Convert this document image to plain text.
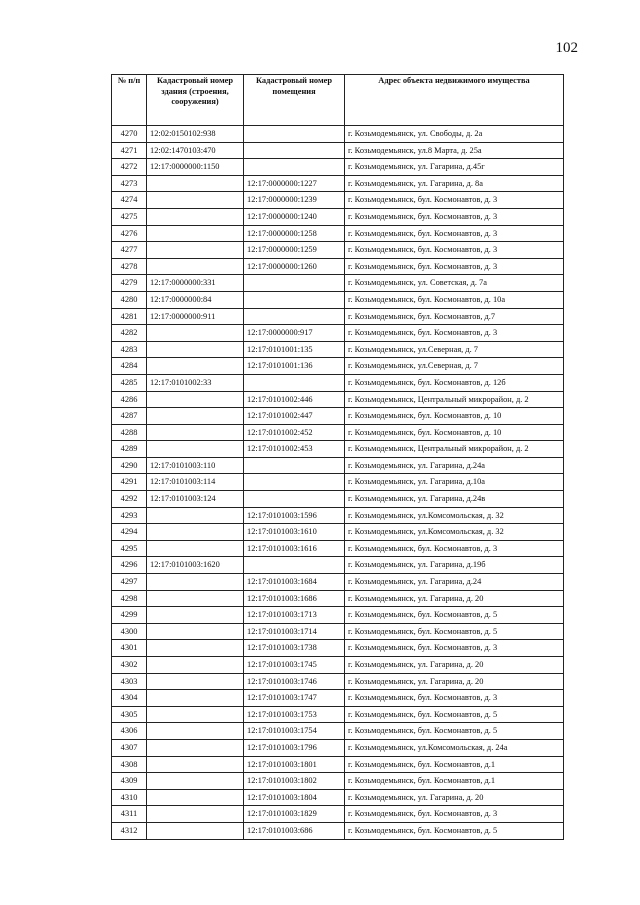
102
№ п/п	Кадастровый номер здания (строения, сооружения)	Кадастровый номер помещения	Адрес объекта недвижимого имущества
4270	12:02:0150102:938		г. Козьмодемьянск, ул. Свободы, д. 2а
4271	12:02:1470103:470		г. Козьмодемьянск, ул.8 Марта, д. 25а
4272	12:17:0000000:1150		г. Козьмодемьянск, ул. Гагарина, д.45г
4273		12:17:0000000:1227	г. Козьмодемьянск, ул. Гагарина, д. 8а
4274		12:17:0000000:1239	г. Козьмодемьянск, бул. Космонавтов, д. 3
4275		12:17:0000000:1240	г. Козьмодемьянск, бул. Космонавтов, д. 3
4276		12:17:0000000:1258	г. Козьмодемьянск, бул. Космонавтов, д. 3
4277		12:17:0000000:1259	г. Козьмодемьянск, бул. Космонавтов, д. 3
4278		12:17:0000000:1260	г. Козьмодемьянск, бул. Космонавтов, д. 3
4279	12:17:0000000:331		г. Козьмодемьянск, ул. Советская, д. 7а
4280	12:17:0000000:84		г. Козьмодемьянск, бул. Космонавтов, д. 10а
4281	12:17:0000000:911		г. Козьмодемьянск, бул. Космонавтов, д.7
4282		12:17:0000000:917	г. Козьмодемьянск, бул. Космонавтов, д. 3
4283		12:17:0101001:135	г. Козьмодемьянск, ул.Северная, д. 7
4284		12:17:0101001:136	г. Козьмодемьянск, ул.Северная, д. 7
4285	12:17:0101002:33		г. Козьмодемьянск, бул. Космонавтов, д. 12б
4286		12:17:0101002:446	г. Козьмодемьянск, Центральный микрорайон, д. 2
4287		12:17:0101002:447	г. Козьмодемьянск, бул. Космонавтов, д. 10
4288		12:17:0101002:452	г. Козьмодемьянск, бул. Космонавтов, д. 10
4289		12:17:0101002:453	г. Козьмодемьянск, Центральный микрорайон, д. 2
4290	12:17:0101003:110		г. Козьмодемьянск, ул. Гагарина, д.24а
4291	12:17:0101003:114		г. Козьмодемьянск, ул. Гагарина, д.10а
4292	12:17:0101003:124		г. Козьмодемьянск, ул. Гагарина, д.24в
4293		12:17:0101003:1596	г. Козьмодемьянск, ул.Комсомольская, д. 32
4294		12:17:0101003:1610	г. Козьмодемьянск, ул.Комсомольская, д. 32
4295		12:17:0101003:1616	г. Козьмодемьянск, бул. Космонавтов, д. 3
4296	12:17:0101003:1620		г. Козьмодемьянск, ул. Гагарина, д.19б
4297		12:17:0101003:1684	г. Козьмодемьянск, ул. Гагарина, д.24
4298		12:17:0101003:1686	г. Козьмодемьянск, ул. Гагарина, д. 20
4299		12:17:0101003:1713	г. Козьмодемьянск, бул. Космонавтов, д. 5
4300		12:17:0101003:1714	г. Козьмодемьянск, бул. Космонавтов, д. 5
4301		12:17:0101003:1738	г. Козьмодемьянск, бул. Космонавтов, д. 3
4302		12:17:0101003:1745	г. Козьмодемьянск, ул. Гагарина, д. 20
4303		12:17:0101003:1746	г. Козьмодемьянск, ул. Гагарина, д. 20
4304		12:17:0101003:1747	г. Козьмодемьянск, бул. Космонавтов, д. 3
4305		12:17:0101003:1753	г. Козьмодемьянск, бул. Космонавтов, д. 5
4306		12:17:0101003:1754	г. Козьмодемьянск, бул. Космонавтов, д. 5
4307		12:17:0101003:1796	г. Козьмодемьянск, ул.Комсомольская, д. 24а
4308		12:17:0101003:1801	г. Козьмодемьянск, бул. Космонавтов, д.1
4309		12:17:0101003:1802	г. Козьмодемьянск, бул. Космонавтов, д.1
4310		12:17:0101003:1804	г. Козьмодемьянск, ул. Гагарина, д. 20
4311		12:17:0101003:1829	г. Козьмодемьянск, бул. Космонавтов, д. 3
4312		12:17:0101003:686	г. Козьмодемьянск, бул. Космонавтов, д. 5
